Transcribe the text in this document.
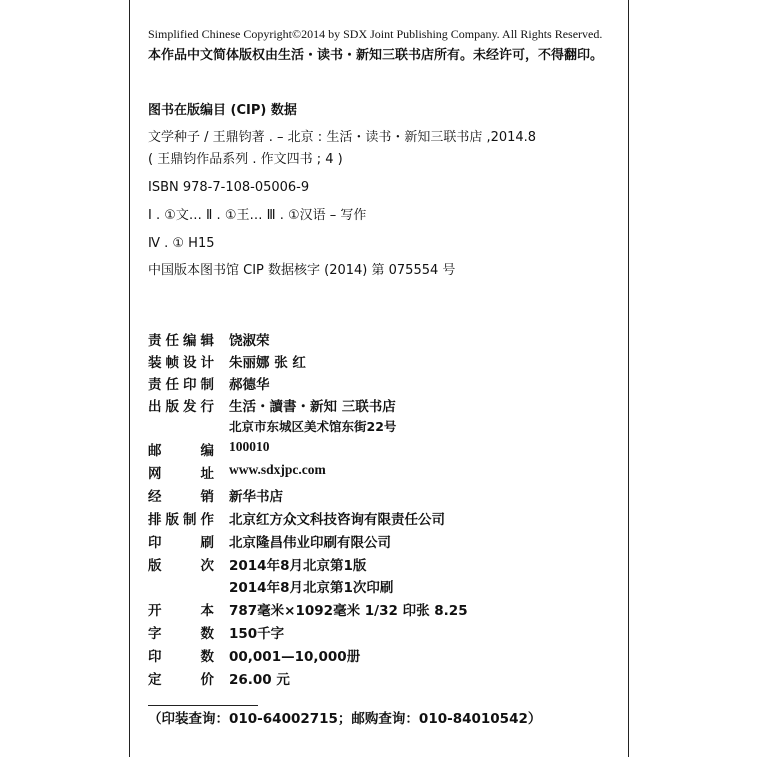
Simplified Chinese Copyright©2014 by SDX Joint Publishing Company. All Rights Reserved.
本作品中文简体版权由生活・读书・新知三联书店所有。未经许可，不得翻印。
图书在版编目 (CIP) 数据
文学种子 / 王鼎钧著 . – 北京 : 生活・读书・新知三联书店 ,2014.8
( 王鼎钧作品系列 . 作文四书 ; 4 )
ISBN 978-7-108-05006-9
Ⅰ . ①文… Ⅱ . ①王… Ⅲ . ①汉语 – 写作
Ⅳ . ① H15
中国版本图书馆 CIP 数据核字 (2014) 第 075554 号
责任编辑 饶淑荣
装帧设计 朱丽娜 张 红
责任印制 郝德华
出版发行 生活・讀書・新知 三联书店
北京市东城区美术馆东街22号
邮编 100010
网址 www.sdxjpc.com
经销 新华书店
排版制作 北京红方众文科技咨询有限责任公司
印刷 北京隆昌伟业印刷有限公司
版次 2014年8月北京第1版
2014年8月北京第1次印刷
开本 787毫米×1092毫米 1/32 印张 8.25
字数 150千字
印数 00,001—10,000册
定价 26.00 元
（印装查询：010-64002715；邮购查询：010-84010542）
